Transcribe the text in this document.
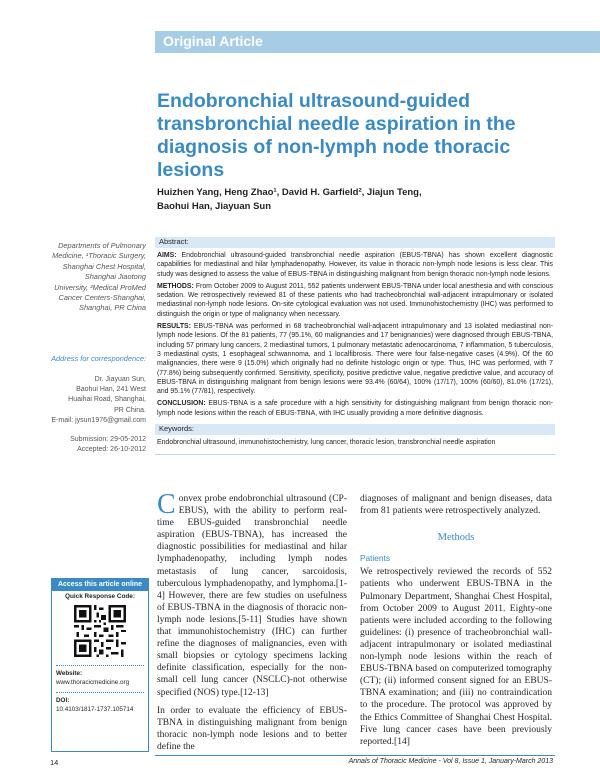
Original Article
Endobronchial ultrasound-guided transbronchial needle aspiration in the diagnosis of non-lymph node thoracic lesions
Huizhen Yang, Heng Zhao¹, David H. Garfield², Jiajun Teng,
Baohui Han, Jiayuan Sun
Departments of Pulmonary Medicine, ¹Thoracic Surgery, Shanghai Chest Hospital, Shanghai Jiaotong University, ²Medical ProMed Cancer Centers-Shanghai, Shanghai, PR China
Address for correspondence:
Dr. Jiayuan Sun,
Baohui Han, 241 West
Huaihai Road, Shanghai,
PR China.
E-mail: jysun1976@gmail.com
Submission: 29-05-2012
Accepted: 26-10-2012
Abstract:

AIMS: Endobronchial ultrasound-guided transbronchial needle aspiration (EBUS-TBNA) has shown excellent diagnostic capabilities for mediastinal and hilar lymphadenopathy. However, its value in thoracic non-lymph node lesions is less clear. This study was designed to assess the value of EBUS-TBNA in distinguishing malignant from benign thoracic non-lymph node lesions.

METHODS: From October 2009 to August 2011, 552 patients underwent EBUS-TBNA under local anesthesia and with conscious sedation. We retrospectively reviewed 81 of these patients who had tracheobronchial wall-adjacent intrapulmonary or isolated mediastinal non-lymph node lesions. On-site cytological evaluation was not used. Immunohistochemistry (IHC) was performed to distinguish the origin or type of malignancy when necessary.

RESULTS: EBUS-TBNA was performed in 68 tracheobronchial wall-adjacent intrapulmonary and 13 isolated mediastinal non-lymph node lesions. Of the 81 patients, 77 (95.1%, 60 malignancies and 17 benignancies) were diagnosed through EBUS-TBNA, including 57 primary lung cancers, 2 mediastinal tumors, 1 pulmonary metastatic adenocarcinoma, 7 inflammation, 5 tuberculosis, 3 mediastinal cysts, 1 esophageal schwannoma, and 1 localfibrosis. There were four false-negative cases (4.9%). Of the 60 malignancies, there were 9 (15.0%) which originally had no definite histologic origin or type. Thus, IHC was performed, with 7 (77.8%) being subsequently confirmed. Sensitivity, specificity, positive predictive value, negative predictive value, and accuracy of EBUS-TBNA in distinguishing malignant from benign lesions were 93.4% (60/64), 100% (17/17), 100% (60/60), 81.0% (17/21), and 95.1% (77/81), respectively.

CONCLUSION: EBUS-TBNA is a safe procedure with a high sensitivity for distinguishing malignant from benign thoracic non-lymph node lesions within the reach of EBUS-TBNA, with IHC usually providing a more definitive diagnosis.

Keywords:
Endobronchial ultrasound, immunohistochemistry, lung cancer, thoracic lesion, transbronchial needle aspiration

Convex probe endobronchial ultrasound (CP-EBUS), with the ability to perform real-time EBUS-guided transbronchial needle aspiration (EBUS-TBNA), has increased the diagnostic possibilities for mediastinal and hilar lymphadenopathy, including lymph nodes metastasis of lung cancer, sarcoidosis, tuberculous lymphadenopathy, and lymphoma.[1-4] However, there are few studies on usefulness of EBUS-TBNA in the diagnosis of thoracic non-lymph node lesions.[5-11] Studies have shown that immunohistochemistry (IHC) can further refine the diagnoses of malignancies, even with small biopsies or cytology specimens lacking definite classification, especially for the non-small cell lung cancer (NSCLC)-not otherwise specified (NOS) type.[12-13]

In order to evaluate the efficiency of EBUS-TBNA in distinguishing malignant from benign thoracic non-lymph node lesions and to better define the

diagnoses of malignant and benign diseases, data from 81 patients were retrospectively analyzed.

Methods

Patients

We retrospectively reviewed the records of 552 patients who underwent EBUS-TBNA in the Pulmonary Department, Shanghai Chest Hospital, from October 2009 to August 2011. Eighty-one patients were included according to the following guidelines: (i) presence of tracheobronchial wall-adjacent intrapulmonary or isolated mediastinal non-lymph node lesions within the reach of EBUS-TBNA based on computerized tomography (CT); (ii) informed consent signed for an EBUS-TBNA examination; and (iii) no contraindication to the procedure. The protocol was approved by the Ethics Committee of Shanghai Chest Hospital. Five lung cancer cases have been previously reported.[14]

Access this article online
Quick Response Code:
Website:
www.thoracicmedicine.org
DOI:
10.4103/1817-1737.105714
14	Annals of Thoracic Medicine - Vol 8, Issue 1, January-March 2013
